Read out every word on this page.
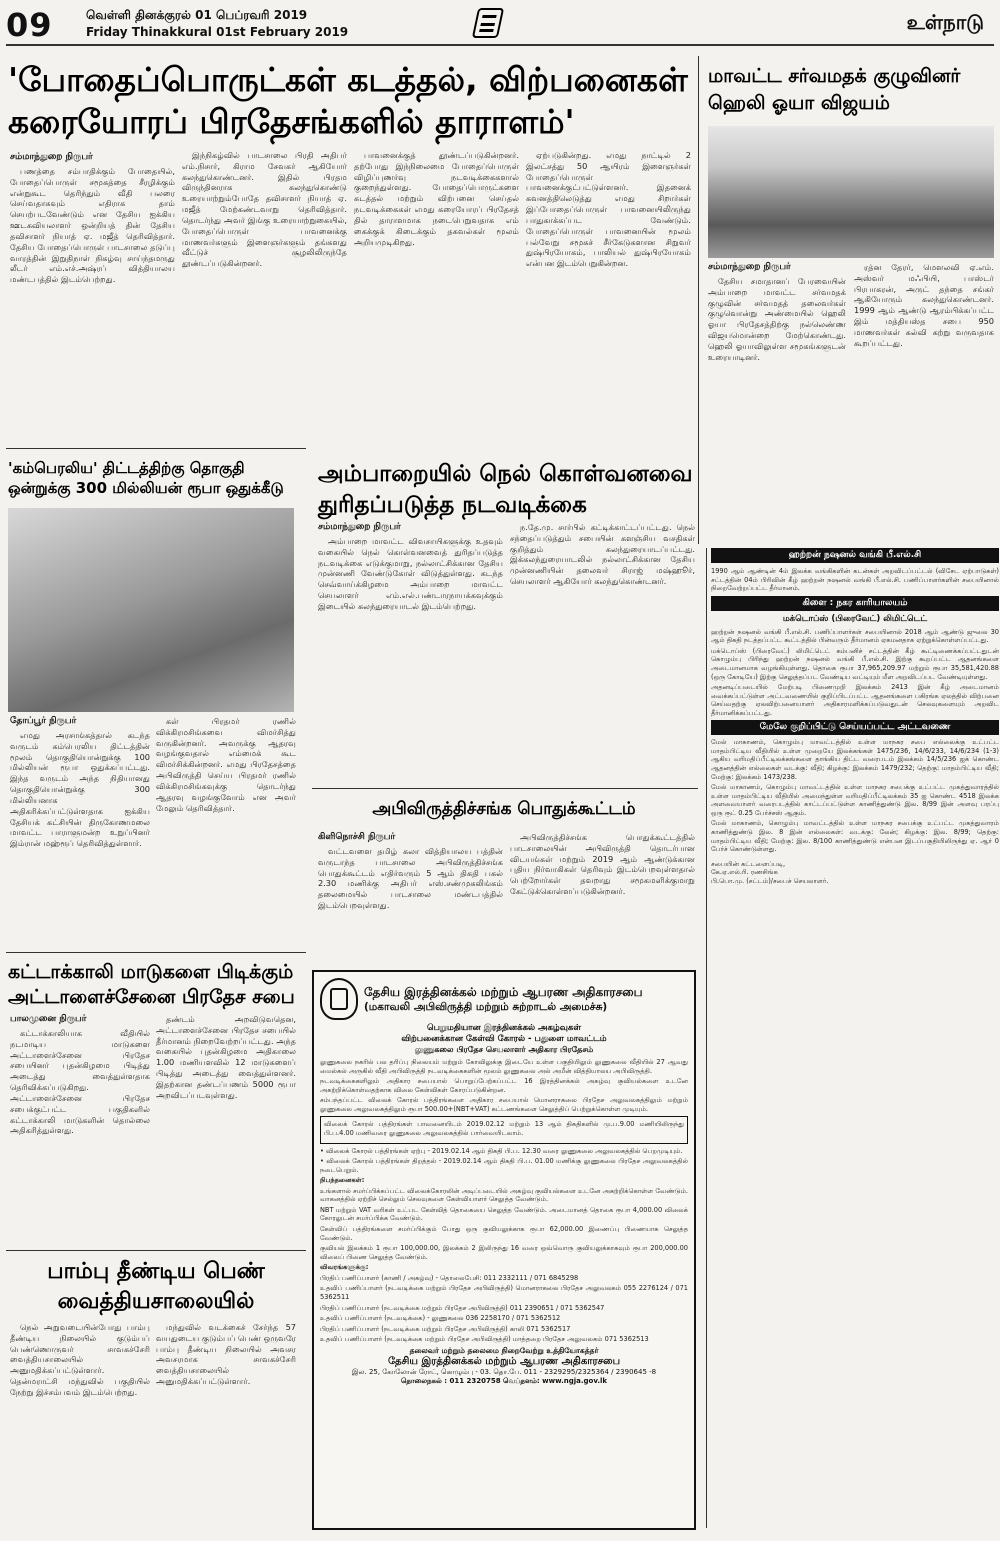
09	வெள்ளி தினக்குரல் 01 பெப்ரவரி 2019
Friday Thinakkural 01st February 2019	உள்நாடு
'போதைப்பொருட்கள் கடத்தல், விற்பனைகள்
கரையோரப் பிரதேசங்களில் தாராளம்'
சம்மாந்துறை நிருபர்

பணத்தை சம்பாதிக்கும் போதையில், போதைப்பொருள் சமூகத்தை சீரழிக்கும் என்றுகூட தெரிந்தும் வீதி பலரை செய்வதாகவும் எதிராக தாம் செயற்படவேண்டும் என தேசிய ஐக்கிய ஊடகவியலாளர் ஒன்றியத் தின் தேசிய தவிசாளர் நியாத் ஏ. மஜீத் தெரிவித்தார். தேசிய போதைப்பொருள் பாடசாலை தடுப்பு வாரத்தின் இறுதிநாள் நிகழ்வு சாய்ந்தமருது லீடர் எம்.எச்.அஷ்ரப் வித்தியாலய மண்டபத்தில் இடம்பெற்றது.

இந்நிகழ்வில் பாடசாலை பிரதி அதிபர் எம்.நிசார், கிராம சேவகர் ஆகியோர் கலந்துகொண்டனர். இதில் பிரதம விருந்தினராக கலந்துகொண்டு உரையாற்றும்போதே தவிசாளர் நியாத் ஏ. மஜீத் மேற்கண்டவாறு தெரிவித்தார். தொடர்ந்து அவர் இங்கு உரையாற்றுகையில், போதைப்பொருள் பாவனைக்கு மாணவர்களும் இளைஞர்களும் தங்களது வீட்டுச் சூழலிலிருந்தே தூண்டப்படுகின்றனர்.

பாவனைக்குத் தூண்டப்படுகின்றனர். தற்போது இந்நிலைமை போதைப்பொருள் விழிப்புணர்வு நடவடிக்கைகளால் குறைந்துள்ளது. போதைப்பொருட்களை கடத்தல் மற்றும் விற்பனை செய்தல் நடவடிக்கைகள் எமது கரையோரப் பிரதேசத் தில் தாராளமாக நடைபெறுவதாக எம் கைக்குக் கிடைக்கும் தகவல்கள் மூலம் அறியமுடிகிறது.

ஏற்படுகின்றது. எமது நாட்டில் 2 இலட்சத்து 50 ஆயிரம் இளைஞர்கள் போதைப்பொருள் பாவனைக்குட்பட்டுள்ளனர். இதனைக் கவனத்திலெடுத்து எமது சிறார்கள் இப்போதைப்பொருள் பாவனையிலிருந்து பாதுகாக்கப்பட வேண்டும். போதைப்பொருள் பாவனையின் மூலம் பல்வேறு சமூகச் சீர்கேடுகளான சிறுவர் துஷ்பிரயோகம், பாலியல் துஷ்பிரயோகம் என்பன இடம்பெறுகின்றன.

மாவட்ட சர்வமதக் குழுவினர்
ஹெலி ஓயா விஜயம்
சம்மாந்துறை நிருபர்

தேசிய சமாதானப் பேரவையின் அம்பாறை மாவட்ட சர்வமதக் குழுவின் சர்வமதத் தலைவர்கள் குழுவொன்று அண்மையில் ஹெலி ஓயா பிரதேசத்திற்கு நல்லெண்ண விஜயமொன்றை மேற்கொண்டது. ஹெலி ஓயாவிலுள்ள சமூகங்களுடன் உரையாடினர்.

ரத்ன தேரர், மௌலவி ஏ.எம். அஸ்வர் மஃபியி, பாஸ்டர் பிரபாகரன், அருட் தந்தை சங்கர் ஆகியோரும் கலந்துகொண்டனர். 1999 ஆம் ஆண்டு ஆரம்பிக்கப்பட்ட இம் மத்தியஸ்த சபை 950 மாணவர்கள் கல்வி கற்று வருவதாக கூறப்பட்டது.

'கம்பெரலிய' திட்டத்திற்கு தொகுதி
ஒன்றுக்கு 300 மில்லியன் ரூபா ஒதுக்கீடு
தோப்பூர் நிருபர்

எமது அரசாங்கத்தால் கடந்த வருடம் கம்பெரலிய திட்டத்தின் மூலம் தொகுதியொன்றுக்கு 100 மில்லியன் ரூபா ஒதுக்கப்பட்டது. இந்த வருடம் அந்த நிதியானது தொகுதியொன்றுக்கு 300 மில்லியனாக அதிகரிக்கப்பட்டுள்ளதாக ஐக்கிய தேசியக் கட்சியின் திருகோணமலை மாவட்ட பாராளுமன்ற உறுப்பினர் இம்ரான் மஹ்ரூப் தெரிவித்துள்ளார்.

கள் பிரதமர் ரணில் விக்கிரமசிங்கவை விமர்சித்து வருகின்றனர். அவருக்கு ஆதரவு வழங்குவதால் எம்மைக் கூட விமர்சிக்கின்றனர். எமது பிரதேசத்தை அபிவிருத்தி செய்ய பிரதமர் ரணில் விக்கிரமசிங்கவுக்கு தொடர்ந்து ஆதரவு வழங்குவோம் என அவர் மேலும் தெரிவித்தார்.

அம்பாறையில் நெல் கொள்வனவை
துரிதப்படுத்த நடவடிக்கை
சம்மாந்துறை நிருபர்

அம்பாறை மாவட்ட விவசாயிகளுக்கு உதவும் வகையில் நெல் கொள்வனவைத் துரிதப்படுத்த நடவடிக்கை எடுக்குமாறு, நல்லாட்சிக்கான தேசிய முன்னணி வேண்டுகோள் விடுத்துள்ளது. கடந்த செவ்வாய்க்கிழமை அம்பாறை மாவட்ட செயலாளர் எம்.எல்.பண்டாரநாயக்கவுக்கும் இடையில் கலந்துரையாடல் இடம்பெற்றது.

ந.தே.மு. சார்பில் கட்டிக்காட்டப்பட்டது. நெல் சந்தைப்படுத்தும் சபையின் களஞ்சிய வசதிகள் குறித்தும் கலந்துரையாடப்பட்டது. இக்கலந்துரையாடலில் நல்லாட்சிக்கான தேசிய முன்னணியின் தலைவர் சிராஜ் மஷ்ஹூர், செயலாளர் ஆகியோர் கலந்துகொண்டனர்.

அபிவிருத்திச்சங்க பொதுக்கூட்டம்
கிளிநொச்சி நிருபர்

வட்டவளை தமிழ் கலா வித்தியாலய பத்தின் வருடாந்த பாடசாலை அபிவிருத்திச்சங்க பொதுக்கூட்டம் எதிர்வரும் 5 ஆம் திகதி பகல் 2.30 மணிக்கு அதிபர் எஸ்.சண்முகலிங்கம் தலைமையில் பாடசாலை மண்டபத்தில் இடம்பெறவுள்ளது.

அபிவிருத்திச்சங்க பொதுக்கூட்டத்தில் பாடசாலையின் அபிவிருத்தி தொடர்பான விடயங்கள் மற்றும் 2019 ஆம் ஆண்டுக்கான புதிய நிர்வாகிகள் தெரிவும் இடம்பெறவுள்ளதால் பெற்றோர்கள் தவறாது சமூகமளிக்குமாறு கேட்டுக்கொள்ளப்படுகின்றனர்.

ஹற்றன் நஷனல் வங்கி பீ.எல்.சி

1990 ஆம் ஆண்டின் 4ம் இலக்க வங்கிகளின் கடன்கள் அறவிடப்பட்டல் (விசேட ஏற்பாடுகள்) சட்டத்தின் 04ம் பிரிவின் கீழ் ஹற்றன் நஷனல் வங்கி பீ.எல்.சி. பணிப்பாளர்களின் சபையினால் நிறைவேற்றப்பட்ட தீர்மானம்.

கிளை : நகர காரியாலயம்
மக்டொப்ஸ் (பிரைவேட்) லிமிட்டெட்

ஹற்றன் நஷனல் வங்கி பீ.எல்.சி. பணிப்பாளர்கள் சபையினால் 2018 ஆம் ஆண்டு ஜுலை 30 ஆம் திகதி நடத்தப்பட்ட கூட்டத்தில் பின்வரும் தீர்மானம் ஏகமனதாக ஏற்றுக்கொள்ளப்பட்டது.

மக்டொப்ஸ் (பிரைவேட்) லிமிட்டெட் கம்பனிச் சட்டத்தின் கீழ் கூட்டிணைக்கப்பட்டதுடன் கொழும்பு பிரிந்து ஹற்றன் நஷனல் வங்கி பீ.எல்.சி. இற்கு கூறப்பட்ட ஆதனங்களை அடைமானமாக வழங்கியுள்ளது. தொகை ரூபா 37,965,209.97 மற்றும் ரூபா 35,581,420.88 (ஒரு கோடியே) இற்கு செலுத்தப்பட வேண்டிய வட்டியும் மீள அறவிடப்பட வேண்டியுள்ளது.

அதனடிப்படையில் மேற்படி பிணைமுறி இலக்கம் 2413 இன் கீழ் அடைமானம் வைக்கப்பட்டுள்ள அட்டவணையில் குறிப்பிடப்பட்ட ஆதனங்களை பகிரங்க ஏலத்தில் விற்பனை செய்வதற்கு ஏலவிற்பனையாளர் அதிகாரமளிக்கப்படுவதுடன் செலவுகளையும் அறவிட தீர்மானிக்கப்பட்டது.

மேலே குறிப்பிட்டு செய்யப்பட்ட அட்டவணை

மேல் மாகாணம், கொழும்பு மாவட்டத்தில் உள்ள மாநகர சபை எல்லைக்கு உட்பட்ட மாதம்பிட்டிய வீதியில் உள்ள முறையே இலக்கங்கள் 1475/236, 14/6/233, 14/6/234 (1-3) ஆகிய வரிமதிப்பீட்டிலக்கங்களை தாங்கிய திட்ட வரைபடம் இலக்கம் 14/5/236 ஐக் கொண்ட ஆதனத்தின் எல்லைகள் வடக்கு: வீதி; கிழக்கு: இலக்கம் 1479/232; தெற்கு: மாதம்பிட்டிய வீதி; மேற்கு: இலக்கம் 1473/238.

மேல் மாகாணம், கொழும்பு மாவட்டத்தில் உள்ள மாநகர சபைக்கு உட்பட்ட முகத்துவாரத்தில் உள்ள மாதம்பிட்டிய வீதியில் அமைந்துள்ள வரிமதிப்பீட்டிலக்கம் 35 ஐ கொண்ட 4518 இலக்க அளவையாளர் வரைபடத்தில் காட்டப்பட்டுள்ள காணித்துண்டு இல. 8/99 இன் அளவு பரப்பு ஒரு ரூட் 0.25 பேர்ச்சஸ் ஆகும்.

மேல் மாகாணம், கொழும்பு மாவட்டத்தில் உள்ள மாநகர சபைக்கு உட்பட்ட முகத்துவாரம் காணித்துண்டு இல. 8 இன் எல்லைகள்: வடக்கு: லேன்; கிழக்கு: இல. 8/99; தெற்கு: மாதம்பிட்டிய வீதி; மேற்கு: இல. 8/100 காணித்துண்டு என்பன இடப்பகுதியிலிருந்து ஏ. ஆர் 0 பேர்ச் கொண்டுள்ளது.

சபையின் கட்டளைப்படி,
கே.ஏ.எல்.ரி. ரணசிங்க
பி.பொ.மு. (சட்டம்)/சபைச் செயலாளர்.
கட்டாக்காலி மாடுகளை பிடிக்கும்
அட்டாளைச்சேனை பிரதேச சபை
பாலமுனை நிருபர்

கட்டாக்காலியாக வீதியில் நடமாடிய மாடுகளை அட்டாளைச்சேனை பிரதேச சபையினர் புதன்கிழமை பிடித்து அடைத்து வைத்துள்ளதாக தெரிவிக்கப்படுகிறது. அட்டாளைச்சேனை பிரதேச சபைக்குட்பட்ட பகுதிகளில் கட்டாக்காலி மாடுகளின் தொல்லை அதிகரித்துள்ளது.

தண்டம் அறவிடுவதென, அட்டாளைச்சேனை பிரதேச சபையில் தீர்மானம் நிறைவேற்றப்பட்டது. அந்த வகையில் புதன்கிழமை அதிகாலை 1.00 மணியளவில் 12 மாடுகளைப் பிடித்து அடைத்து வைத்துள்ளனர். இதற்கான தண்டப்பணம் 5000 ரூபா அறவிடப்படவுள்ளது.

பாம்பு தீண்டிய பெண்
வைத்தியசாலையில்

நெல் அறுவடையின்போது பாம்பு தீண்டிய நிலையில் குடும்பப் பெண்ணொருவர் சாவகச்சேரி வைத்தியசாலையில் அனுமதிக்கப்பட்டுள்ளார். தென்மராட்சி மந்துவில் பகுதியில் நேற்று இச்சம்பவம் இடம்பெற்றது.

மந்துவில் வடக்கைச் சேர்ந்த 57 வயதுடைய குடும்பப் பெண் ஒருவரே பாம்பு தீண்டிய நிலையில் அவசர அவசரமாக சாவகச்சேரி வைத்தியசாலையில் அனுமதிக்கப்பட்டுள்ளார்.

தேசிய இரத்தினக்கல் மற்றும் ஆபரண அதிகாரசபை
(மகாவலி அபிவிருத்தி மற்றும் சுற்றாடல் அமைச்சு)
பெறுமதியான இரத்தினக்கல் அகழ்வுகள்
விற்பனைக்கான கேள்வி கோரல் - பதுளை மாவட்டம்
லுணுகலை பிரதேச செயலாளர் அதிகார பிரதேசம்

லுணுகலை நகரில் பல தரிப்பு நிலையம் மற்றும் கோவிலுக்கு இடையே உள்ள பகுதியிலும் லுணுகலை வீதியில் 27 ஆவது மைல்கல் அருகில் வீதி அபிவிருத்தி நடவடிக்கைகளின் மூலம் லுணுகலை அல் அமீன் வித்தியாலய அபிவிருத்தி.

நடவடிக்கைகளிலும் அதிகார சபையால் பொறுப்பேற்கப்பட்ட 16 இரத்தினக்கல் அகழ்வு குவியல்களை உடனே அகற்றிக்கொள்வதற்காக விலை கேள்விகள் கோரப்படுகின்றன.

சம்பந்தப்பட்ட விலைக் கோரல் பத்திரங்களை அதிகார சபையால் மொனராகலை பிரதேச அலுவலகத்திலும் மற்றும் லுணுகலை அலுவலகத்திலும் ரூபா 500.00+(NBT+VAT) கட்டணங்களை செலுத்திப் பெற்றுக்கொள்ள முடியும்.

விலைக் கோரல் பத்திரங்கள் பாவனையிடம் 2019.02.12 மற்றும் 13 ஆம் திகதிகளில் மு.ப.9.00 மணியிலிருந்து பி.ப.4.00 மணிவரை லுணுகலை அலுவலகத்தில் பார்வையிடலாம்.

• விலைக் கோரல் பத்திரங்கள் ஏற்பு - 2019.02.14 ஆம் திகதி பி.ப. 12.30 வரை லுணுகலை அலுவலகத்தில் பெறமுடியும்.

• விலைக் கோரல் பத்திரங்கள் திறத்தல் - 2019.02.14 ஆம் திகதி பி.ப. 01.00 மணிக்கு லுணுகலை பிரதேச அலுவலகத்தில் நடைபெறும்.

நிபந்தனைகள்:

உங்களால் சமர்ப்பிக்கப்பட்ட விலைக்கோரலின் அடிப்படையில் அகழ்வு குவியல்களை உடனே அகற்றிக்கொள்ள வேண்டும். வாகனத்தில் ஏற்றிச் செல்லும் செலவுகளை கேள்வியாளர் செலுத்த வேண்டும்.

NBT மற்றும் VAT வரிகள் உட்பட கேள்வித் தொகையை செலுத்த வேண்டும். அடைமானத் தொகை ரூபா 4,000.00 விலைக் கோரலுடன் சமர்ப்பிக்க வேண்டும்.

கேள்விப் பத்திரங்களை சமர்ப்பிக்கும் போது ஒரு குவியலுக்காக ரூபா 62,000.00 இணைப்பு பிணையாக செலுத்த வேண்டும்.

குவியல் இலக்கம் 1 ரூபா 100,000.00, இலக்கம் 2 இலிருந்து 16 வரை ஒவ்வொரு குவியலுக்காகவும் ரூபா 200,000.00 விலைப் பிணை செலுத்த வேண்டும்.

விவரங்களுக்கு:

பிரதிப் பணிப்பாளர் (காணி / அகழ்வு) - தொலைபேசி: 011 2332111 / 071 6845298

உதவிப் பணிப்பாளர் (நடவடிக்கை மற்றும் பிரதேச அபிவிருத்தி) மொனராகலை பிரதேச அலுவலகம் 055 2276124 / 071 5362511

பிரதிப் பணிப்பாளர் (நடவடிக்கை மற்றும் பிரதேச அபிவிருத்தி) 011 2390651 / 071 5362547

உதவிப் பணிப்பாளர் (நடவடிக்கை) - லுணுகலை 036 2258170 / 071 5362512

பிரதிப் பணிப்பாளர் (நடவடிக்கை மற்றும் பிரதேச அபிவிருத்தி) காலி 071 5362517

உதவிப் பணிப்பாளர் (நடவடிக்கை மற்றும் பிரதேச அபிவிருத்தி) மாத்தறை பிரதேச அலுவலகம் 071 5362513

தலைவர் மற்றும் தலைமை நிறைவேற்று உத்தியோகத்தர்
தேசிய இரத்தினக்கல் மற்றும் ஆபரண அதிகாரசபை
இல. 25, கோலோன் ரோட், கொழும்பு - 03. தொ.பே. 011 - 2329295/2325364 / 2390645 -8
தொலைநகல் : 011 2320758 வெப்தளம்: www.ngja.gov.lk
